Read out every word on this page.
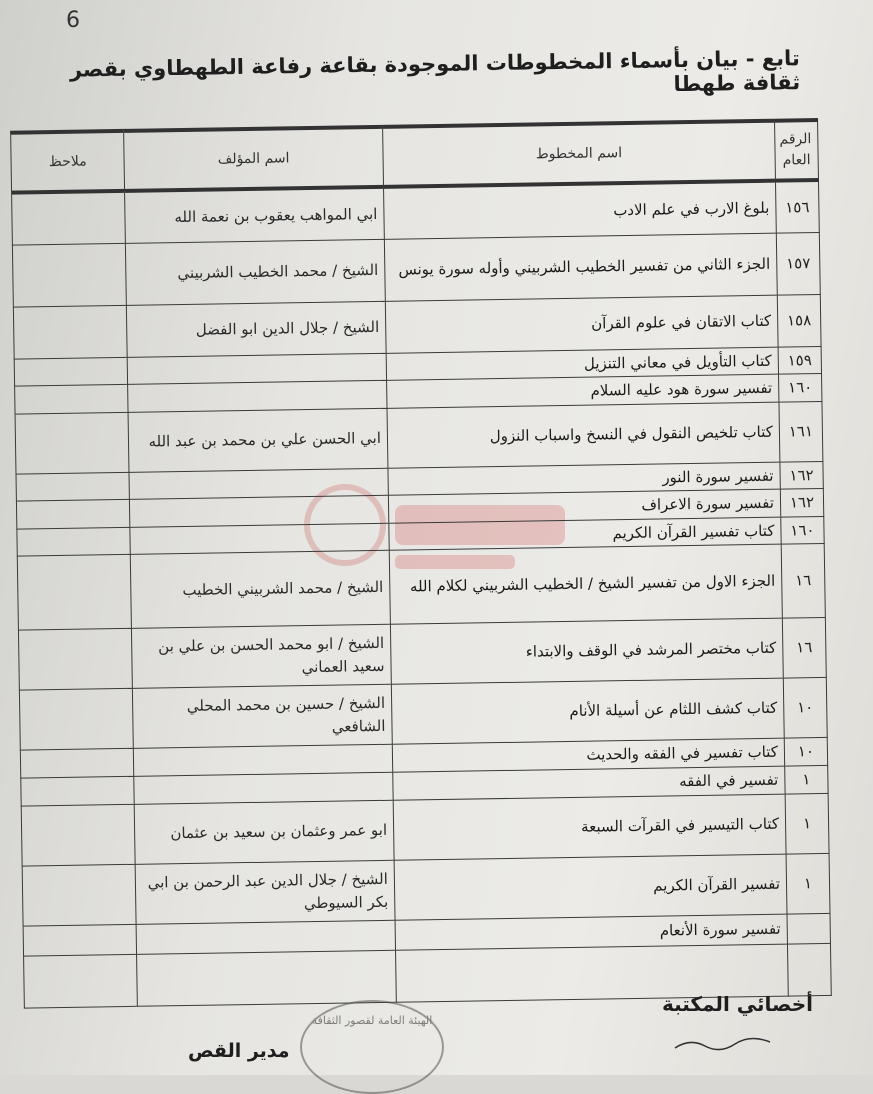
6
تابع - بيان بأسماء المخطوطات الموجودة بقاعة رفاعة الطهطاوي بقصر ثقافة طهطا
الرقم العام	اسم المخطوط	اسم المؤلف	ملاحظ
١٥٦	بلوغ الارب في علم الادب	ابي المواهب يعقوب بن نعمة الله	
١٥٧	الجزء الثاني من تفسير الخطيب الشربيني وأوله سورة يونس	الشيخ / محمد الخطيب الشربيني	
١٥٨	كتاب الاتقان في علوم القرآن	الشيخ / جلال الدين ابو الفضل	
١٥٩	كتاب التأويل في معاني التنزيل		
١٦٠	تفسير سورة هود عليه السلام		
١٦١	كتاب تلخيص النقول في النسخ واسباب النزول	ابي الحسن علي بن محمد بن عبد الله	
١٦٢	تفسير سورة النور		
١٦٢	تفسير سورة الاعراف		
١٦٠	كتاب تفسير القرآن الكريم		
١٦	الجزء الاول من تفسير الشيخ / الخطيب الشربيني لكلام الله	الشيخ / محمد الشربيني الخطيب	
١٦	كتاب مختصر المرشد في الوقف والابتداء	الشيخ / ابو محمد الحسن بن علي بن سعيد العماني	
١٠	كتاب كشف اللثام عن أسيلة الأنام	الشيخ / حسين بن محمد المحلي الشافعي	
١٠	كتاب تفسير في الفقه والحديث		
١	تفسير في الفقه		
١	كتاب التيسير في القرآت السبعة	ابو عمر وعثمان بن سعيد بن عثمان	
١	تفسير القرآن الكريم	الشيخ / جلال الدين عبد الرحمن بن ابي بكر السيوطي	
	تفسير سورة الأنعام		

أخصائي المكتبة
الهيئة العامة لقصور الثقافة
مدير القص
